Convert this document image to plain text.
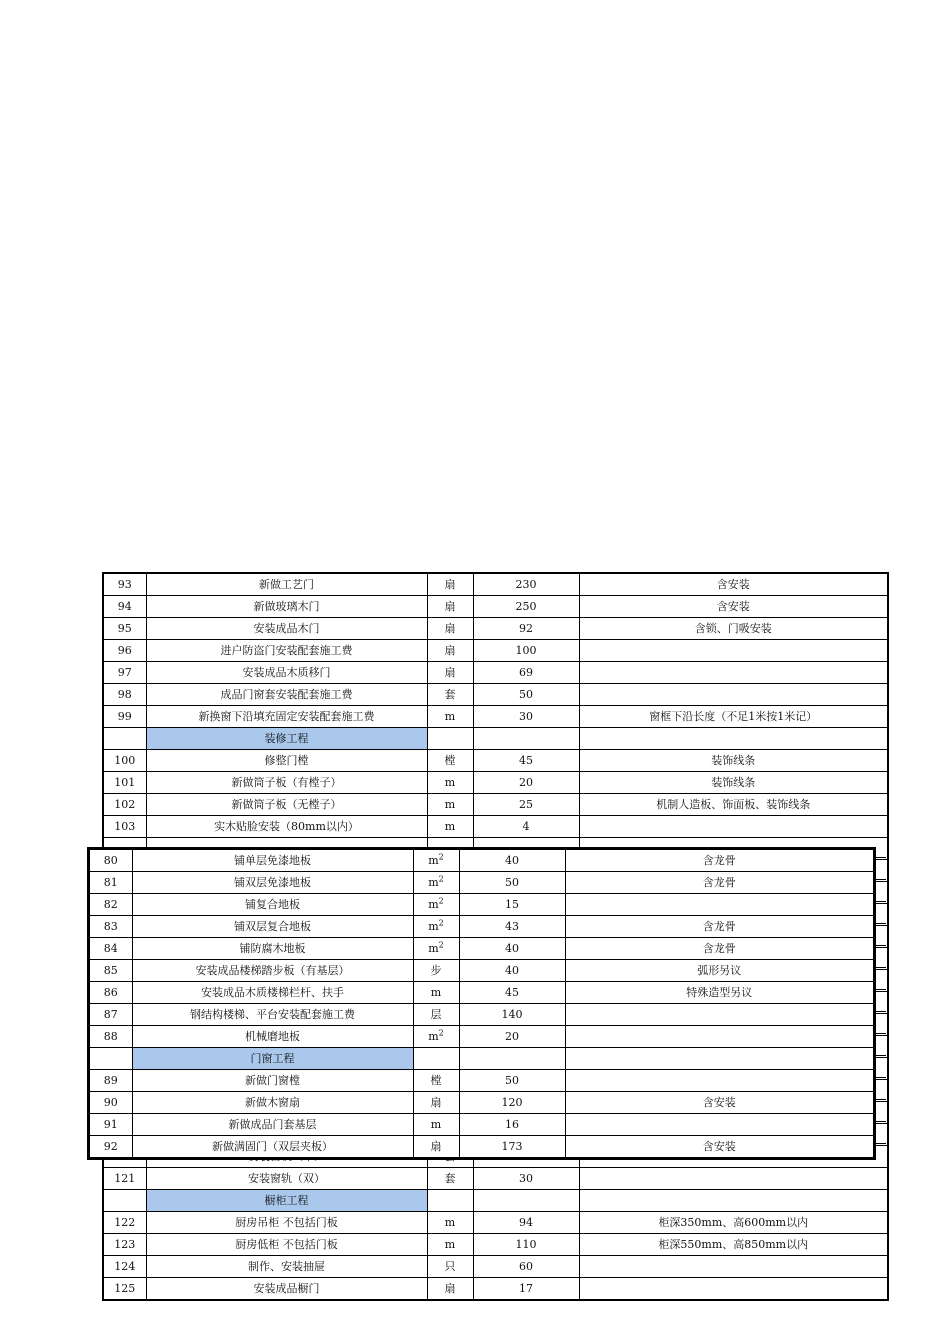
93	新做工艺门	扇	230	含安装
94	新做玻璃木门	扇	250	含安装
95	安装成品木门	扇	92	含锁、门吸安装
96	进户防盗门安装配套施工费	扇	100	
97	安装成品木质移门	扇	69	
98	成品门窗套安装配套施工费	套	50	
99	新换窗下沿填充固定安装配套施工费	m	30	窗框下沿长度（不足1米按1米记）
	装修工程			
100	修整门樘	樘	45	装饰线条
101	新做筒子板（有樘子）	m	20	装饰线条
102	新做筒子板（无樘子）	m	25	机制人造板、饰面板、装饰线条
103	实木贴脸安装（80mm以内）	m	4	

121	安装窗轨（双）	套	30	
	橱柜工程			
122	厨房吊柜 不包括门板	m	94	柜深350mm、高600mm以内
123	厨房低柜 不包括门板	m	110	柜深550mm、高850mm以内
124	制作、安装抽屉	只	60	
125	安装成品橱门	扇	17	
80	铺单层免漆地板	$m^2$	40	含龙骨
81	铺双层免漆地板	$m^2$	50	含龙骨
82	铺复合地板	$m^2$	15	
83	铺双层复合地板	$m^2$	43	含龙骨
84	铺防腐木地板	$m^2$	40	含龙骨
85	安装成品楼梯踏步板（有基层）	步	40	弧形另议
86	安装成品木质楼梯栏杆、扶手	m	45	特殊造型另议
87	钢结构楼梯、平台安装配套施工费	层	140	
88	机械磨地板	$m^2$	20	
	门窗工程			
89	新做门窗樘	樘	50	
90	新做木窗扇	扇	120	含安装
91	新做成品门套基层	m	16	
92	新做满固门（双层夹板）	扇	173	含安装
